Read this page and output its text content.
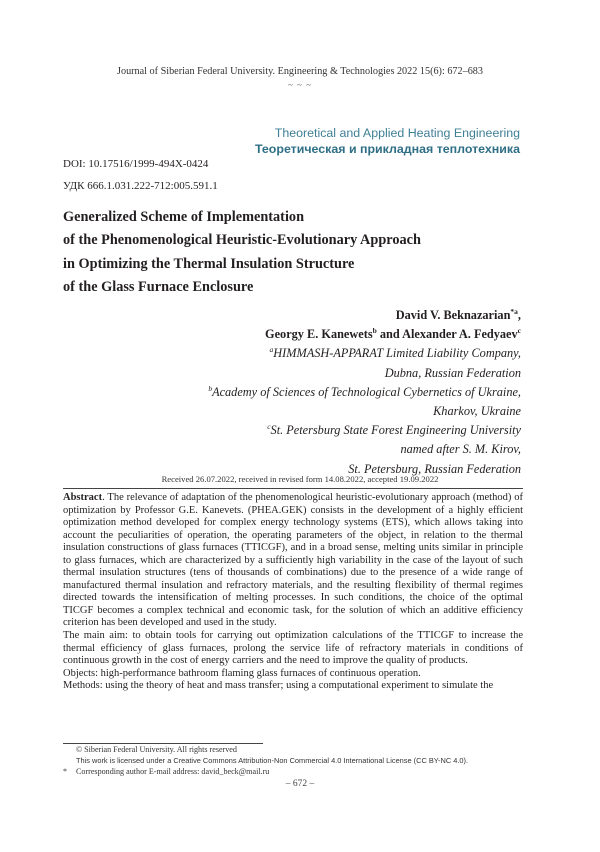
Journal of Siberian Federal University. Engineering & Technologies 2022 15(6): 672–683
~ ~ ~
Theoretical and Applied Heating Engineering
Теоретическая и прикладная теплотехника
DOI: 10.17516/1999-494X-0424
УДК 666.1.031.222-712:005.591.1
Generalized Scheme of Implementation
of the Phenomenological Heuristic-Evolutionary Approach
in Optimizing the Thermal Insulation Structure
of the Glass Furnace Enclosure
David V. Beknazarian$^{*a}$,
Georgy E. Kanewets$^b$ and Alexander A. Fedyaev$^c$
$^a$HIMMASH-APPARAT Limited Liability Company,
Dubna, Russian Federation
$^b$Academy of Sciences of Technological Cybernetics of Ukraine,
Kharkov, Ukraine
$^c$St. Petersburg State Forest Engineering University
named after S. M. Kirov,
St. Petersburg, Russian Federation
Received 26.07.2022, received in revised form 14.08.2022, accepted 19.09.2022

Abstract. The relevance of adaptation of the phenomenological heuristic-evolutionary approach (method) of optimization by Professor G.E. Kanevets. (PHEA.GEK) consists in the development of a highly efficient optimization method developed for complex energy technology systems (ETS), which allows taking into account the peculiarities of operation, the operating parameters of the object, in relation to the thermal insulation constructions of glass furnaces (TTICGF), and in a broad sense, melting units similar in principle to glass furnaces, which are characterized by a sufficiently high variability in the case of the layout of such thermal insulation structures (tens of thousands of combinations) due to the presence of a wide range of manufactured thermal insulation and refractory materials, and the resulting flexibility of thermal regimes directed towards the intensification of melting processes. In such conditions, the choice of the optimal TICGF becomes a complex technical and economic task, for the solution of which an additive efficiency criterion has been developed and used in the study.

The main aim: to obtain tools for carrying out optimization calculations of the TTICGF to increase the thermal efficiency of glass furnaces, prolong the service life of refractory materials in conditions of continuous growth in the cost of energy carriers and the need to improve the quality of products.

Objects: high-performance bathroom flaming glass furnaces of continuous operation.

Methods: using the theory of heat and mass transfer; using a computational experiment to simulate the

© Siberian Federal University. All rights reserved
This work is licensed under a Creative Commons Attribution-Non Commercial 4.0 International License (CC BY-NC 4.0).
* Corresponding author E-mail address: david_beck@mail.ru
– 672 –
